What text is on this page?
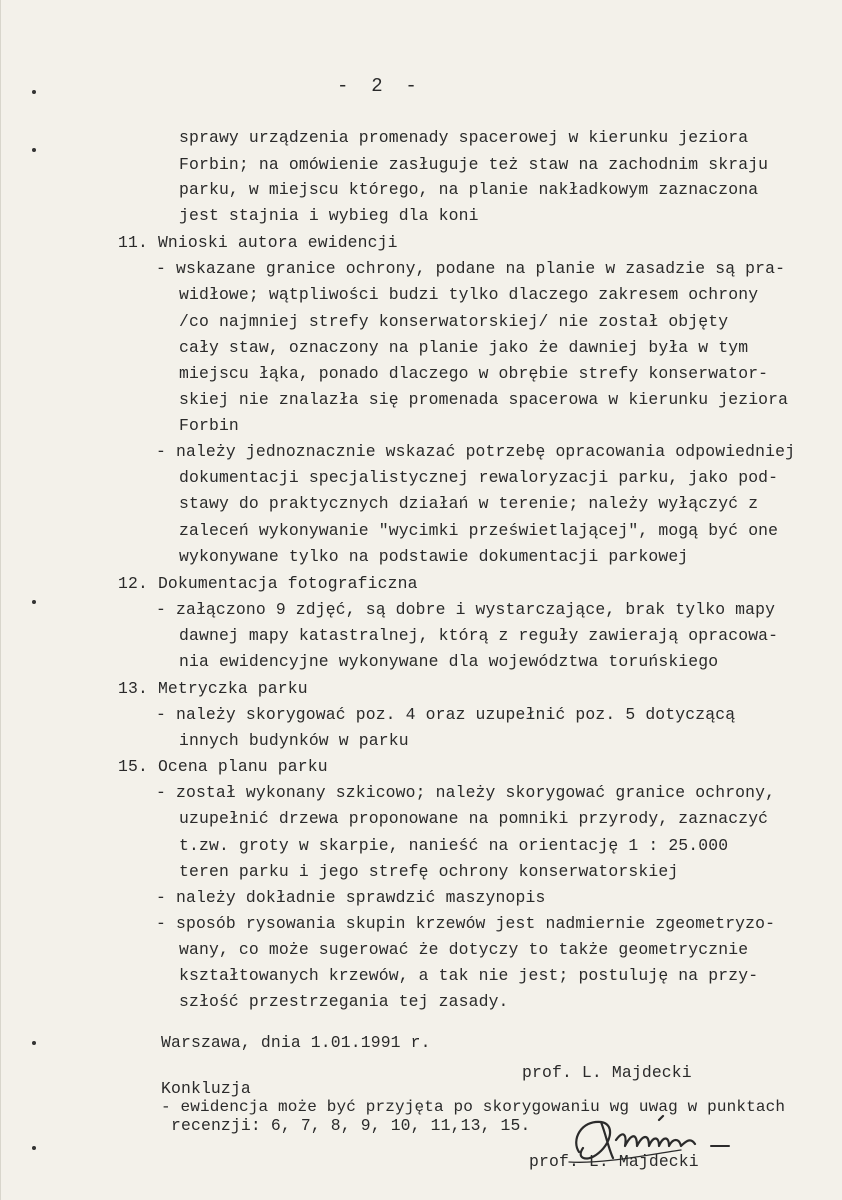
-  2  -
sprawy urządzenia promenady spacerowej w kierunku jeziora
Forbin; na omówienie zasługuje też staw na zachodnim skraju
parku, w miejscu którego, na planie nakładkowym zaznaczona
jest stajnia i wybieg dla koni
11. Wnioski autora ewidencji
- wskazane granice ochrony, podane na planie w zasadzie są pra-
widłowe; wątpliwości budzi tylko dlaczego zakresem ochrony
/co najmniej strefy konserwatorskiej/ nie został objęty
cały staw, oznaczony na planie jako że dawniej była w tym
miejscu łąka, ponado dlaczego w obrębie strefy konserwator-
skiej nie znalazła się promenada spacerowa w kierunku jeziora
Forbin
- należy jednoznacznie wskazać potrzebę opracowania odpowiedniej
dokumentacji specjalistycznej rewaloryzacji parku, jako pod-
stawy do praktycznych działań w terenie; należy wyłączyć z
zaleceń wykonywanie "wycimki prześwietlającej", mogą być one
wykonywane tylko na podstawie dokumentacji parkowej
12. Dokumentacja fotograficzna
- załączono 9 zdjęć, są dobre i wystarczające, brak tylko mapy
dawnej mapy katastralnej, którą z reguły zawierają opracowa-
nia ewidencyjne wykonywane dla województwa toruńskiego
13. Metryczka parku
- należy skorygować poz. 4 oraz uzupełnić poz. 5 dotyczącą
innych budynków w parku
15. Ocena planu parku
- został wykonany szkicowo; należy skorygować granice ochrony,
uzupełnić drzewa proponowane na pomniki przyrody, zaznaczyć
t.zw. groty w skarpie, nanieść na orientację 1 : 25.000
teren parku i jego strefę ochrony konserwatorskiej
- należy dokładnie sprawdzić maszynopis
- sposób rysowania skupin krzewów jest nadmiernie zgeometryzo-
wany, co może sugerować że dotyczy to także geometrycznie
kształtowanych krzewów, a tak nie jest; postuluję na przy-
szłość przestrzegania tej zasady.
Warszawa, dnia 1.01.1991 r.
prof. L. Majdecki
Konkluzja
- ewidencja może być przyjęta po skorygowaniu wg uwag w punktach
recenzji: 6, 7, 8, 9, 10, 11,13, 15.
prof. L. Majdecki
